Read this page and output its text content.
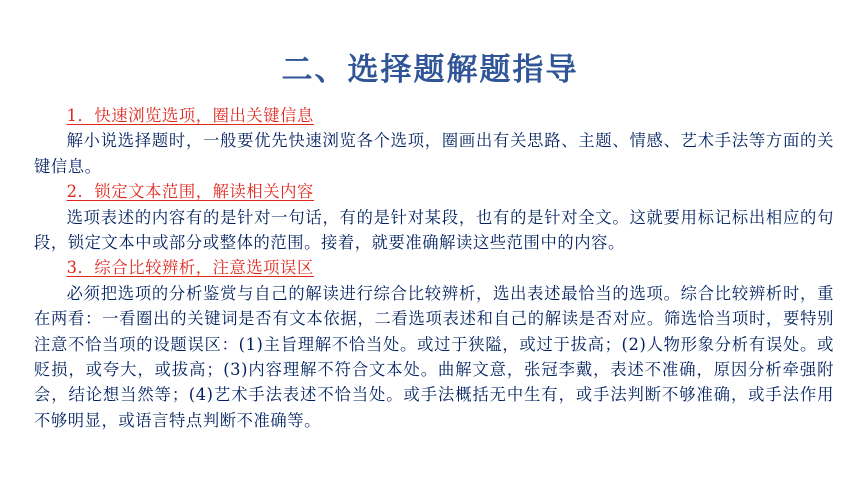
二、选择题解题指导
1．快速浏览选项，圈出关键信息
解小说选择题时，一般要优先快速浏览各个选项，圈画出有关思路、主题、情感、艺术手法等方面的关键信息。
2．锁定文本范围，解读相关内容
选项表述的内容有的是针对一句话，有的是针对某段，也有的是针对全文。这就要用标记标出相应的句段，锁定文本中或部分或整体的范围。接着，就要准确解读这些范围中的内容。
3．综合比较辨析，注意选项误区
必须把选项的分析鉴赏与自己的解读进行综合比较辨析，选出表述最恰当的选项。综合比较辨析时，重在两看：一看圈出的关键词是否有文本依据，二看选项表述和自己的解读是否对应。筛选恰当项时，要特别注意不恰当项的设题误区：(1)主旨理解不恰当处。或过于狭隘，或过于拔高；(2)人物形象分析有误处。或贬损，或夸大，或拔高；(3)内容理解不符合文本处。曲解文意，张冠李戴，表述不准确，原因分析牵强附会，结论想当然等；(4)艺术手法表述不恰当处。或手法概括无中生有，或手法判断不够准确，或手法作用不够明显，或语言特点判断不准确等。
